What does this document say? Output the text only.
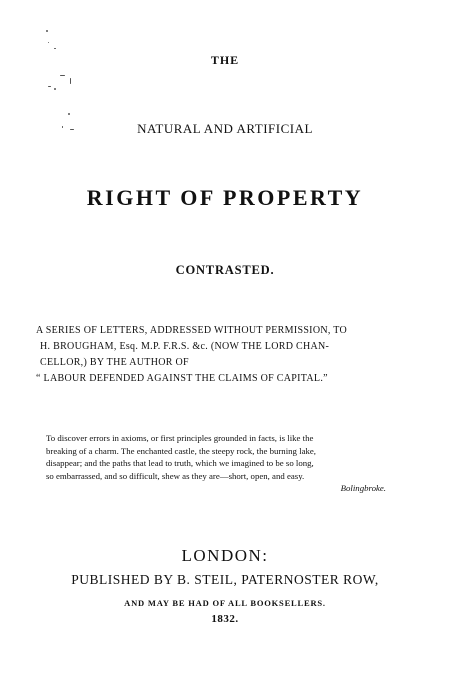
THE
NATURAL AND ARTIFICIAL
RIGHT OF PROPERTY
CONTRASTED.
A SERIES OF LETTERS, ADDRESSED WITHOUT PERMISSION, TO
H. BROUGHAM, Esq. M.P. F.R.S. &c. (NOW THE LORD CHAN-
CELLOR,) BY THE AUTHOR OF
“ LABOUR DEFENDED AGAINST THE CLAIMS OF CAPITAL.”
To discover errors in axioms, or first principles grounded in facts, is like the
breaking of a charm. The enchanted castle, the steepy rock, the burning lake,
disappear; and the paths that lead to truth, which we imagined to be so long,
so embarrassed, and so difficult, shew as they are—short, open, and easy.
Bolingbroke.
LONDON:
PUBLISHED BY B. STEIL, PATERNOSTER ROW,
AND MAY BE HAD OF ALL BOOKSELLERS.
1832.
